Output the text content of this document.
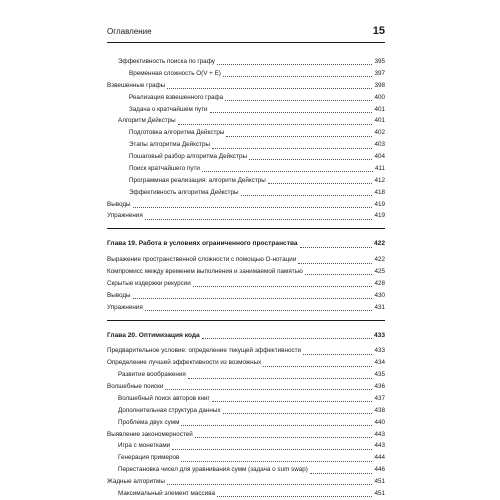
Оглавление	15
Эффективность поиска по графу	395
Временная сложность O(V + E)	397
Взвешенные графы	398
Реализация взвешенного графа	400
Задача о кратчайшем пути	401
Алгоритм Дейкстры	401
Подготовка алгоритма Дейкстры	402
Этапы алгоритма Дейкстры	403
Пошаговый разбор алгоритма Дейкстры	404
Поиск кратчайшего пути	411
Программная реализация: алгоритм Дейкстры	412
Эффективность алгоритма Дейкстры	418
Выводы	419
Упражнения	419
Глава 19. Работа в условиях ограниченного пространства	422
Выражение пространственной сложности с помощью O-нотации	422
Компромисс между временем выполнения и занимаемой памятью	425
Скрытые издержки рекурсии	428
Выводы	430
Упражнения	431
Глава 20. Оптимизация кода	433
Предварительное условие: определение текущей эффективности	433
Определение лучшей эффективности из возможных	434
Развитие воображения	435
Волшебные поиски	436
Волшебный поиск авторов книг	437
Дополнительная структура данных	438
Проблема двух сумм	440
Выявление закономерностей	443
Игра с монетками	443
Генерация примеров	444
Перестановка чисел для уравнивания сумм (задача о sum swap)	446
Жадные алгоритмы	451
Максимальный элемент массива	451
